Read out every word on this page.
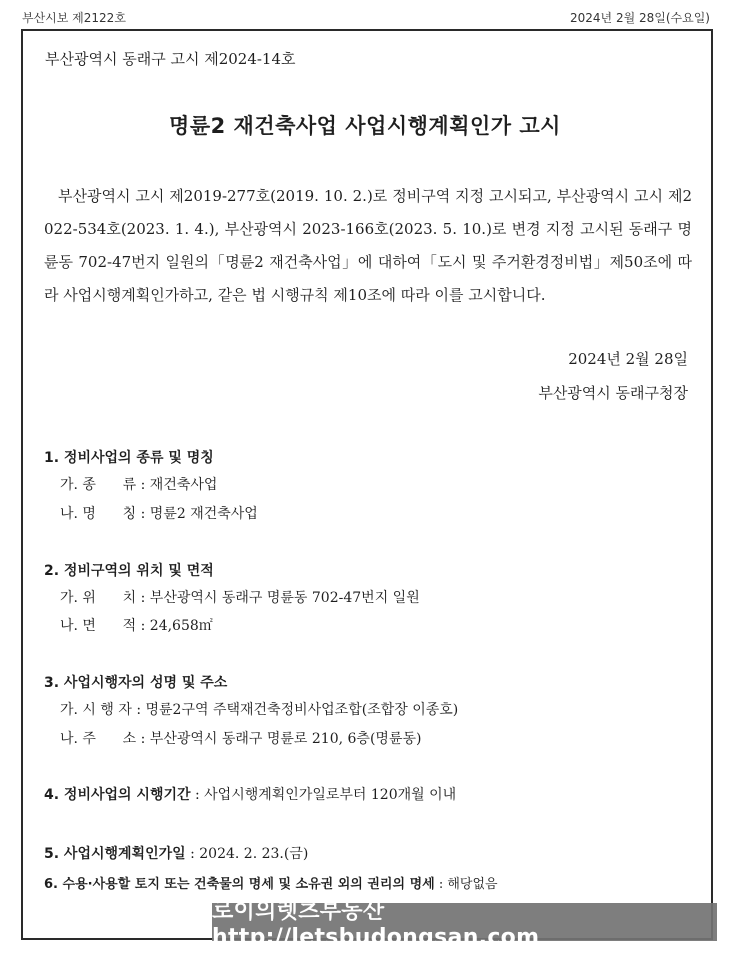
부산시보 제2122호	2024년 2월 28일(수요일)
부산광역시 동래구 고시 제2024-14호
명륜2 재건축사업 사업시행계획인가 고시
부산광역시 고시 제2019-277호(2019. 10. 2.)로 정비구역 지정 고시되고, 부산광역시 고시 제2022-534호(2023. 1. 4.), 부산광역시 2023-166호(2023. 5. 10.)로 변경 지정 고시된 동래구 명륜동 702-47번지 일원의「명륜2 재건축사업」에 대하여「도시 및 주거환경정비법」제50조에 따라 사업시행계획인가하고, 같은 법 시행규칙 제10조에 따라 이를 고시합니다.
2024년 2월 28일
부산광역시 동래구청장
1. 정비사업의 종류 및 명칭
가. 종      류 : 재건축사업
나. 명      칭 : 명륜2 재건축사업
2. 정비구역의 위치 및 면적
가. 위      치 : 부산광역시 동래구 명륜동 702-47번지 일원
나. 면      적 : 24,658㎡
3. 사업시행자의 성명 및 주소
가. 시 행 자 : 명륜2구역 주택재건축정비사업조합(조합장 이종호)
나. 주      소 : 부산광역시 동래구 명륜로 210, 6층(명륜동)
4. 정비사업의 시행기간 : 사업시행계획인가일로부터 120개월 이내
5. 사업시행계획인가일 : 2024. 2. 23.(금)
6. 수용·사용할 토지 또는 건축물의 명세 및 소유권 외의 권리의 명세 : 해당없음
로이의렛츠부동산 http://letsbudongsan.com
